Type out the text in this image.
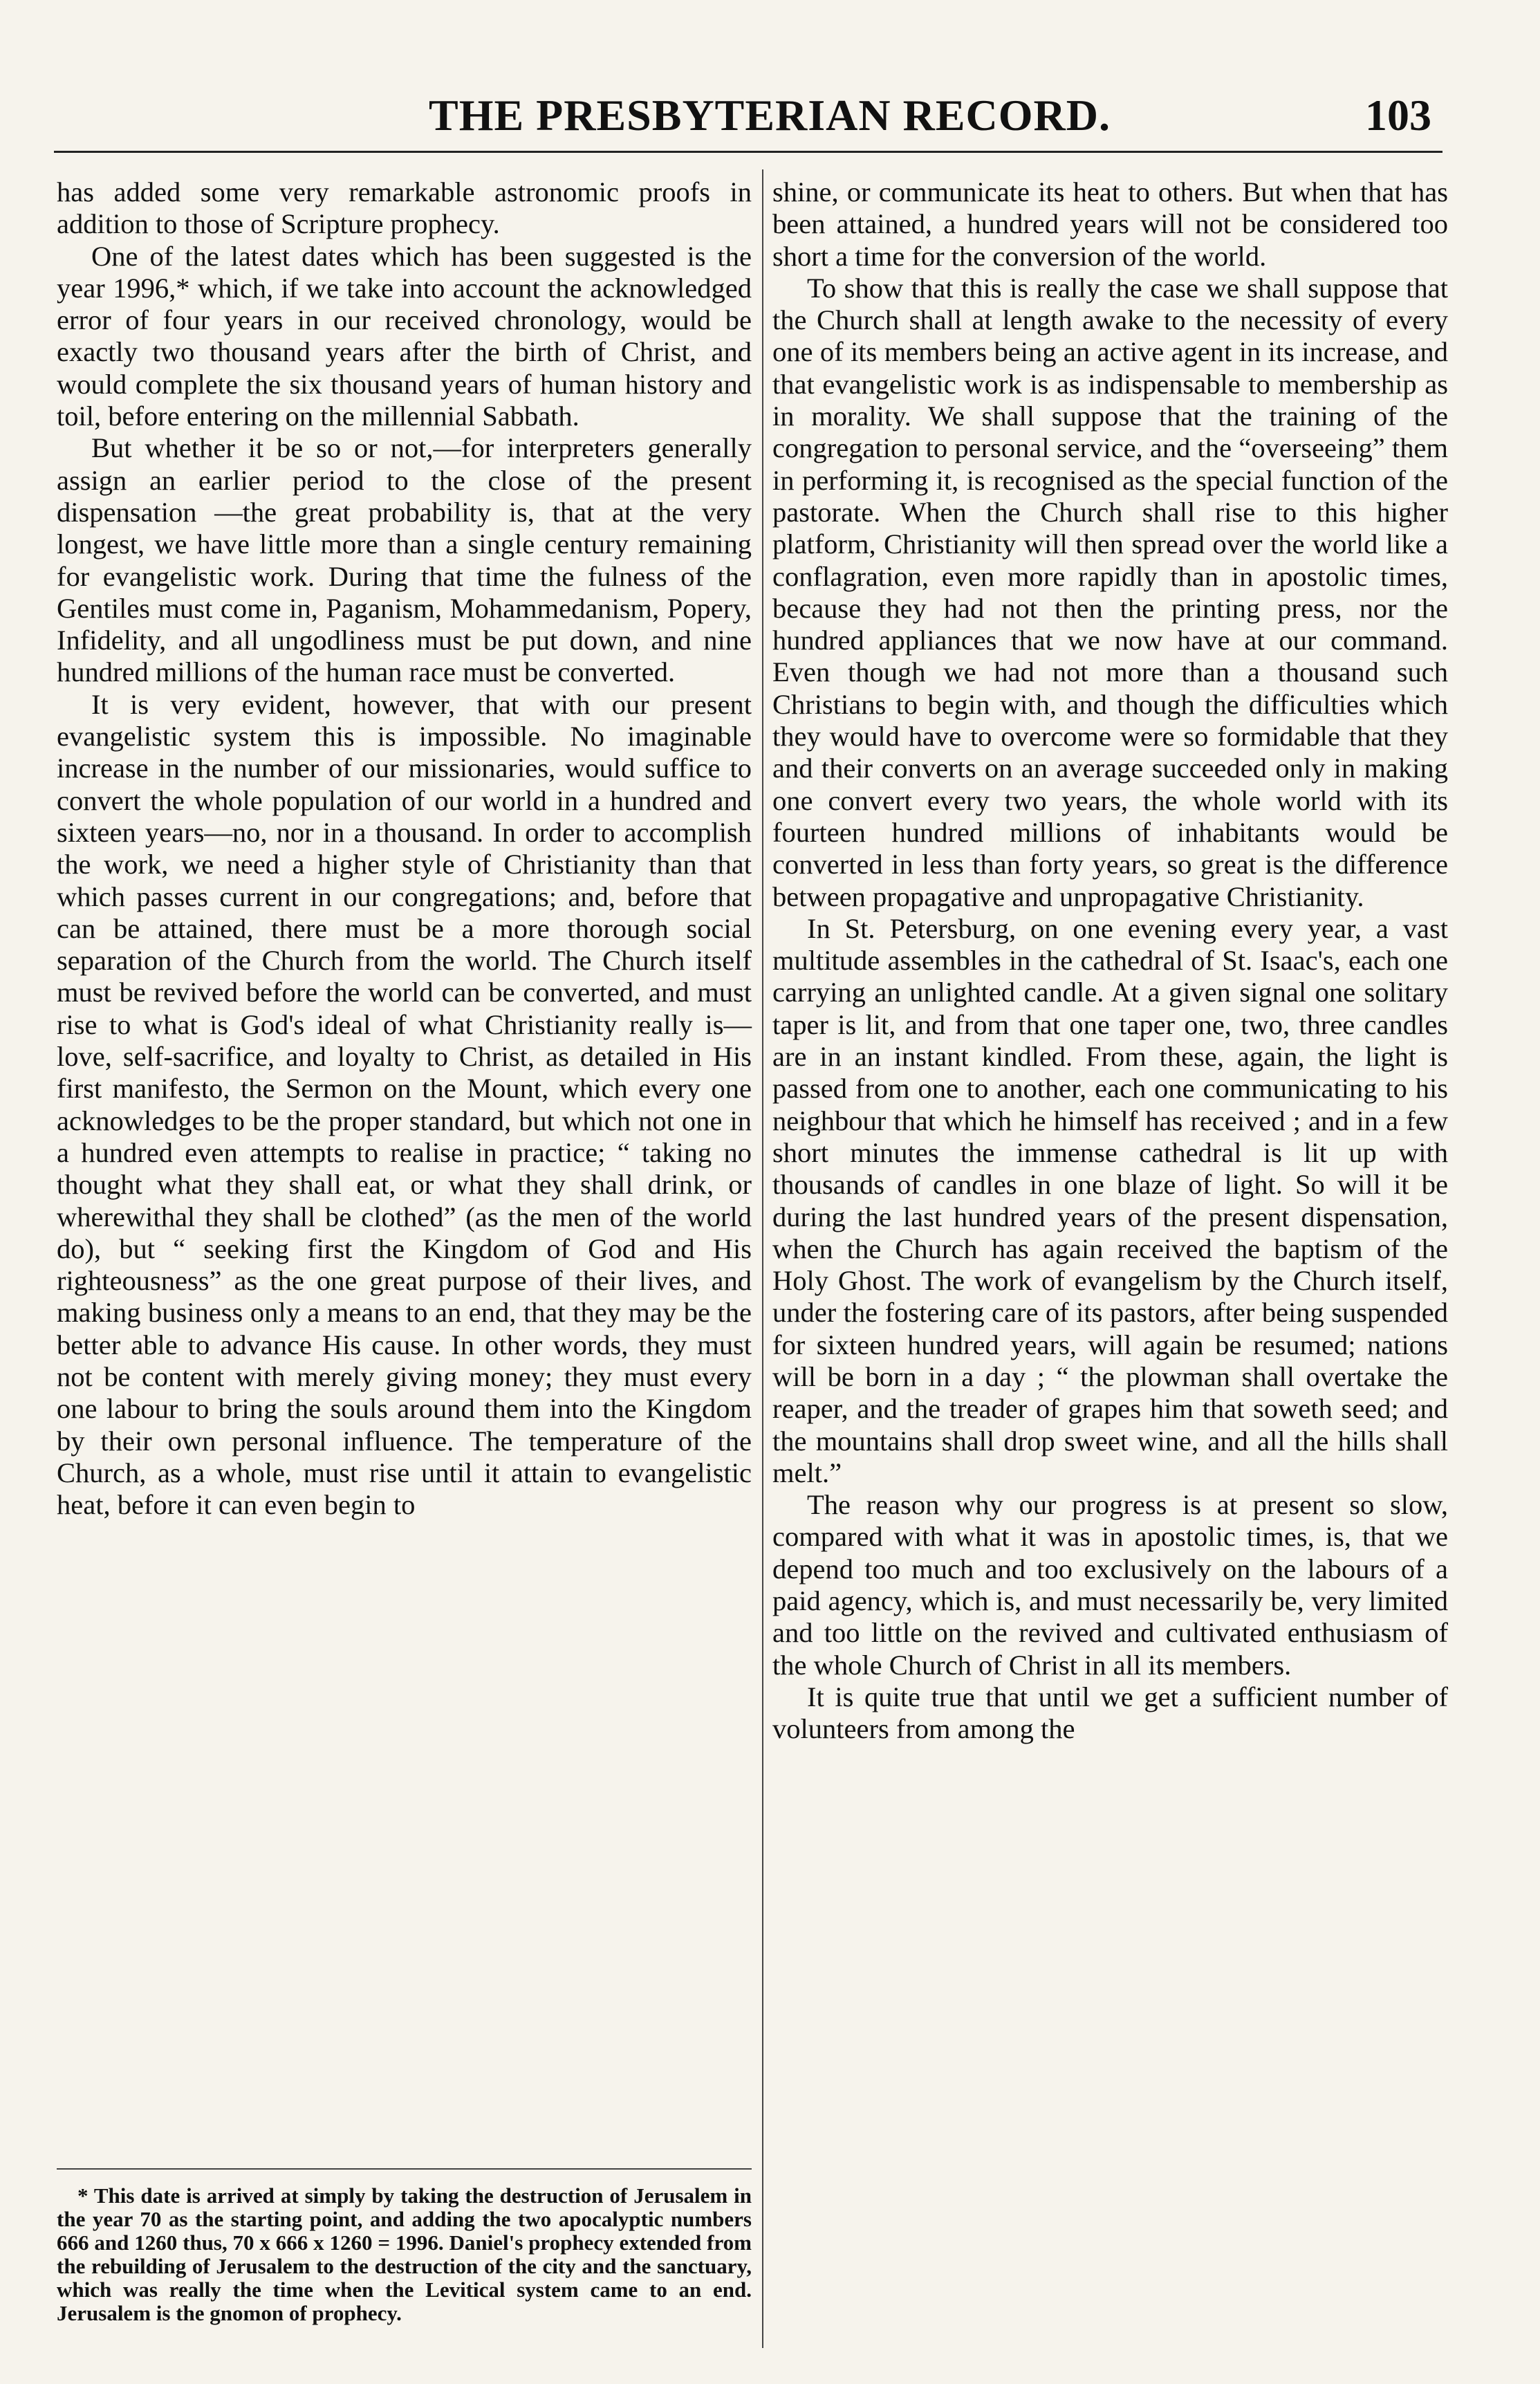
THE PRESBYTERIAN RECORD.	103

has added some very remarkable astronomic proofs in addition to those of Scripture prophecy.

One of the latest dates which has been suggested is the year 1996,* which, if we take into account the acknowledged error of four years in our received chronology, would be exactly two thousand years after the birth of Christ, and would complete the six thousand years of human history and toil, before entering on the millennial Sabbath.

But whether it be so or not,—for interpreters generally assign an earlier period to the close of the present dispensation —the great probability is, that at the very longest, we have little more than a single century remaining for evangelistic work. During that time the fulness of the Gentiles must come in, Paganism, Mohammedanism, Popery, Infidelity, and all ungodliness must be put down, and nine hundred millions of the human race must be converted.

It is very evident, however, that with our present evangelistic system this is impossible. No imaginable increase in the number of our missionaries, would suffice to convert the whole population of our world in a hundred and sixteen years—no, nor in a thousand. In order to accomplish the work, we need a higher style of Christianity than that which passes current in our congregations; and, before that can be attained, there must be a more thorough social separation of the Church from the world. The Church itself must be revived before the world can be converted, and must rise to what is God's ideal of what Christianity really is—love, self-sacrifice, and loyalty to Christ, as detailed in His first manifesto, the Sermon on the Mount, which every one acknowledges to be the proper standard, but which not one in a hundred even attempts to realise in practice; “ taking no thought what they shall eat, or what they shall drink, or wherewithal they shall be clothed” (as the men of the world do), but “ seeking first the Kingdom of God and His righteousness” as the one great purpose of their lives, and making business only a means to an end, that they may be the better able to advance His cause. In other words, they must not be content with merely giving money; they must every one labour to bring the souls around them into the Kingdom by their own personal influence. The temperature of the Church, as a whole, must rise until it attain to evangelistic heat, before it can even begin to

shine, or communicate its heat to others. But when that has been attained, a hundred years will not be considered too short a time for the conversion of the world.

To show that this is really the case we shall suppose that the Church shall at length awake to the necessity of every one of its members being an active agent in its increase, and that evangelistic work is as indispensable to membership as in morality. We shall suppose that the training of the congregation to personal service, and the “overseeing” them in performing it, is recognised as the special function of the pastorate. When the Church shall rise to this higher platform, Christianity will then spread over the world like a conflagration, even more rapidly than in apostolic times, because they had not then the printing press, nor the hundred appliances that we now have at our command. Even though we had not more than a thousand such Christians to begin with, and though the difficulties which they would have to overcome were so formidable that they and their converts on an average succeeded only in making one convert every two years, the whole world with its fourteen hundred millions of inhabitants would be converted in less than forty years, so great is the difference between propagative and unpropagative Christianity.

In St. Petersburg, on one evening every year, a vast multitude assembles in the cathedral of St. Isaac's, each one carrying an unlighted candle. At a given signal one solitary taper is lit, and from that one taper one, two, three candles are in an instant kindled. From these, again, the light is passed from one to another, each one communicating to his neighbour that which he himself has received ; and in a few short minutes the immense cathedral is lit up with thousands of candles in one blaze of light. So will it be during the last hundred years of the present dispensation, when the Church has again received the baptism of the Holy Ghost. The work of evangelism by the Church itself, under the fostering care of its pastors, after being suspended for sixteen hundred years, will again be resumed; nations will be born in a day ; “ the plowman shall overtake the reaper, and the treader of grapes him that soweth seed; and the mountains shall drop sweet wine, and all the hills shall melt.”

The reason why our progress is at present so slow, compared with what it was in apostolic times, is, that we depend too much and too exclusively on the labours of a paid agency, which is, and must necessarily be, very limited and too little on the revived and cultivated enthusiasm of the whole Church of Christ in all its members.

It is quite true that until we get a sufficient number of volunteers from among the

* This date is arrived at simply by taking the destruction of Jerusalem in the year 70 as the starting point, and adding the two apocalyptic numbers 666 and 1260 thus, 70 x 666 x 1260 = 1996. Daniel's prophecy extended from the rebuilding of Jerusalem to the destruction of the city and the sanctuary, which was really the time when the Levitical system came to an end. Jerusalem is the gnomon of prophecy.
